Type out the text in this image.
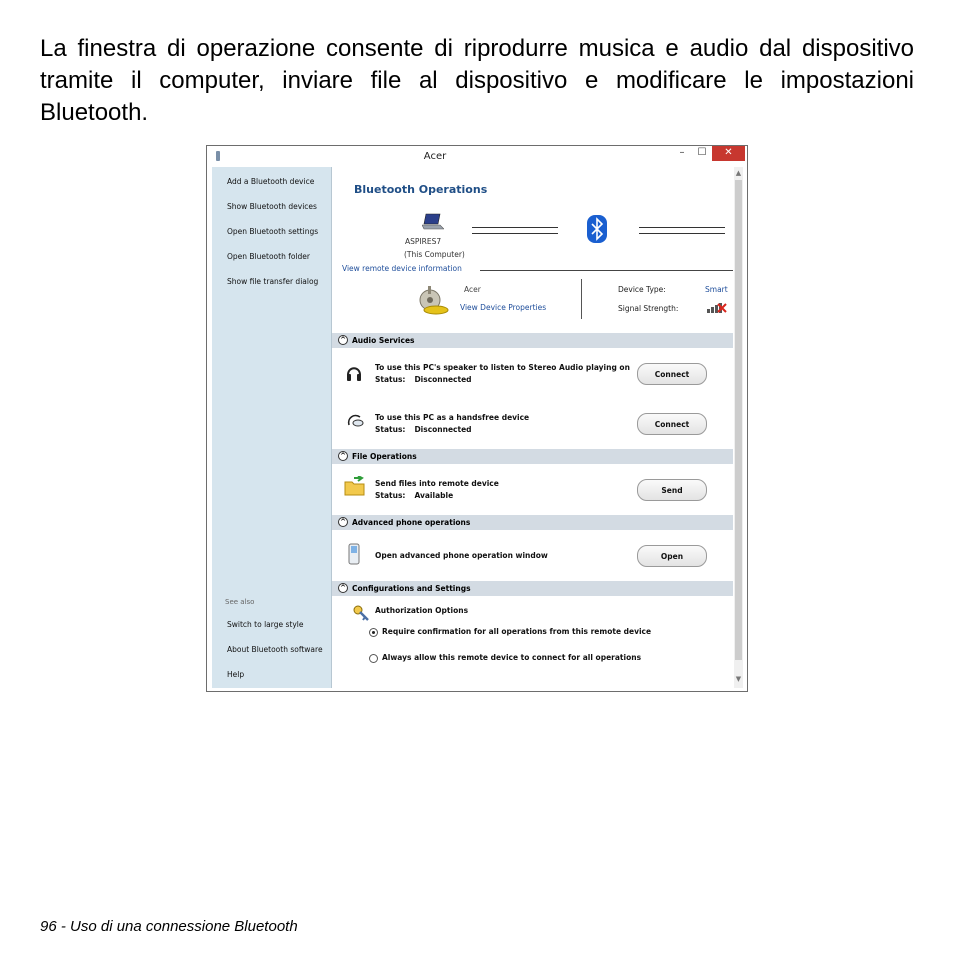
La finestra di operazione consente di riprodurre musica e audio dal dispositivo tramite il computer, inviare file al dispositivo e modificare le impostazioni Bluetooth.

Acer	–	☐	✕
Add a Bluetooth device
Show Bluetooth devices
Open Bluetooth settings
Open Bluetooth folder
Show file transfer dialog
See also
Switch to large style
About Bluetooth software
Help
Bluetooth Operations
ASPIRES7
(This Computer)
View remote device information
Acer
View Device Properties
Device Type:	Smart
Signal Strength:
^ Audio Services
To use this PC's speaker to listen to Stereo Audio playing on
Status: Disconnected
Connect
To use this PC as a handsfree device
Status: Disconnected
Connect
^ File Operations
Send files into remote device
Status: Available
Send
^ Advanced phone operations
Open advanced phone operation window	Open
^ Configurations and Settings
Authorization Options
Require confirmation for all operations from this remote device
Always allow this remote device to connect for all operations
▲
▼
96 - Uso di una connessione Bluetooth
